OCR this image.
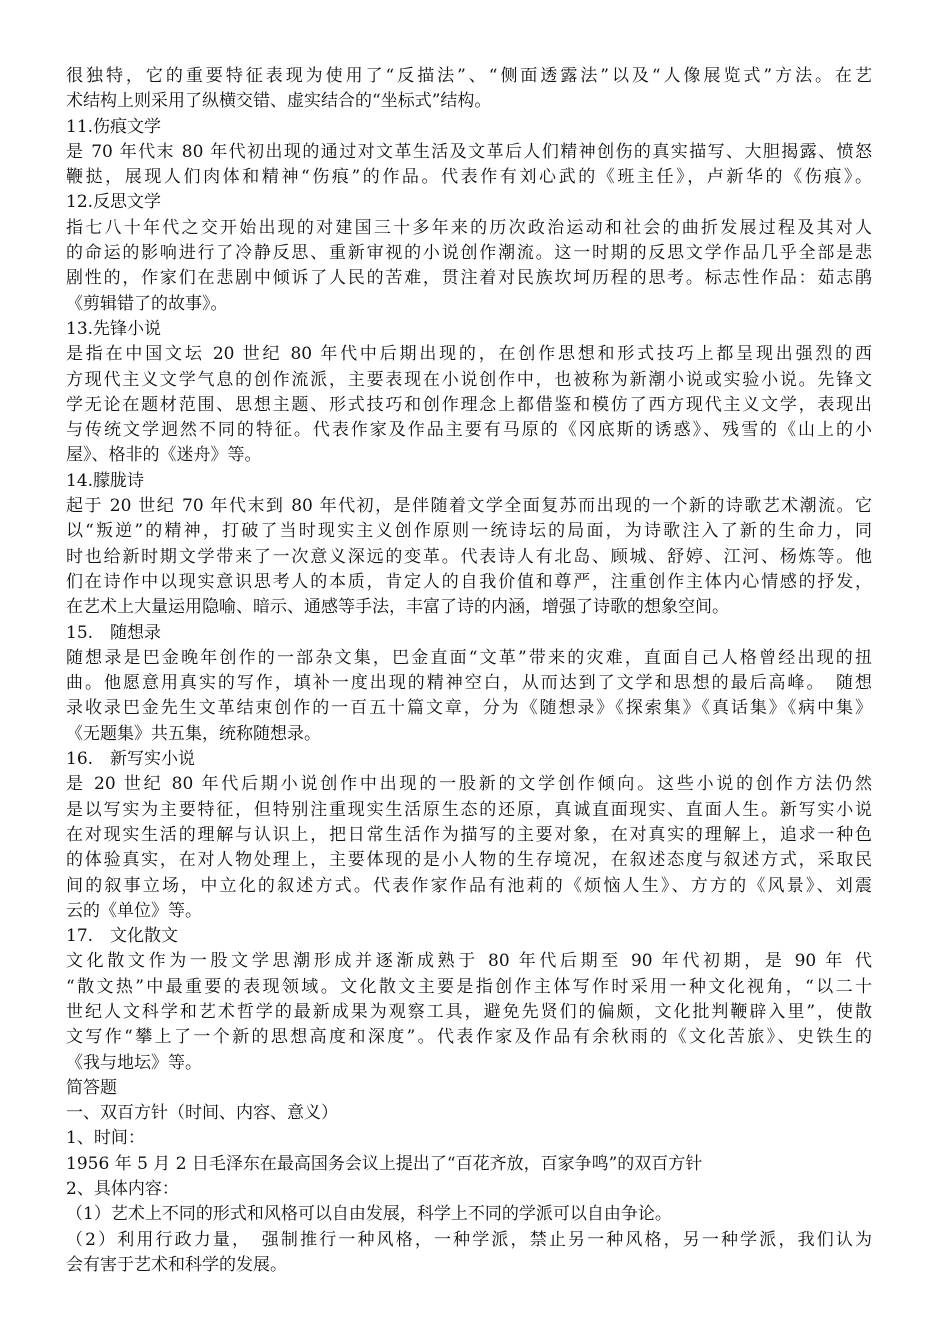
很独特，它的重要特征表现为使用了“反描法”、“侧面透露法”以及“人像展览式”方法。在艺
术结构上则采用了纵横交错、虚实结合的“坐标式”结构。
11.伤痕文学
是 70 年代末 80 年代初出现的通过对文革生活及文革后人们精神创伤的真实描写、大胆揭露、愤怒
鞭挞，展现人们肉体和精神“伤痕”的作品。代表作有刘心武的《班主任》，卢新华的《伤痕》。
12.反思文学
指七八十年代之交开始出现的对建国三十多年来的历次政治运动和社会的曲折发展过程及其对人
的命运的影响进行了冷静反思、重新审视的小说创作潮流。这一时期的反思文学作品几乎全部是悲
剧性的，作家们在悲剧中倾诉了人民的苦难，贯注着对民族坎坷历程的思考。标志性作品：茹志鹃
《剪辑错了的故事》。
13.先锋小说
是指在中国文坛 20 世纪 80 年代中后期出现的，在创作思想和形式技巧上都呈现出强烈的西
方现代主义文学气息的创作流派，主要表现在小说创作中，也被称为新潮小说或实验小说。先锋文
学无论在题材范围、思想主题、形式技巧和创作理念上都借鉴和模仿了西方现代主义文学，表现出
与传统文学迥然不同的特征。代表作家及作品主要有马原的《冈底斯的诱惑》、残雪的《山上的小
屋》、格非的《迷舟》等。
14.朦胧诗
起于 20 世纪 70 年代末到 80 年代初，是伴随着文学全面复苏而出现的一个新的诗歌艺术潮流。它
以“叛逆”的精神，打破了当时现实主义创作原则一统诗坛的局面，为诗歌注入了新的生命力，同
时也给新时期文学带来了一次意义深远的变革。代表诗人有北岛、顾城、舒婷、江河、杨炼等。他
们在诗作中以现实意识思考人的本质，肯定人的自我价值和尊严，注重创作主体内心情感的抒发，
在艺术上大量运用隐喻、暗示、通感等手法，丰富了诗的内涵，增强了诗歌的想象空间。
15.　随想录
随想录是巴金晚年创作的一部杂文集，巴金直面“文革”带来的灾难，直面自己人格曾经出现的扭
曲。他愿意用真实的写作，填补一度出现的精神空白，从而达到了文学和思想的最后高峰。　随想
录收录巴金先生文革结束创作的一百五十篇文章，分为《随想录》《探索集》《真话集》《病中集》
《无题集》共五集，统称随想录。
16.　新写实小说
是 20 世纪 80 年代后期小说创作中出现的一股新的文学创作倾向。这些小说的创作方法仍然
是以写实为主要特征，但特别注重现实生活原生态的还原，真诚直面现实、直面人生。新写实小说
在对现实生活的理解与认识上，把日常生活作为描写的主要对象，在对真实的理解上，追求一种色
的体验真实，在对人物处理上，主要体现的是小人物的生存境况，在叙述态度与叙述方式，采取民
间的叙事立场，中立化的叙述方式。代表作家作品有池莉的《烦恼人生》、方方的《风景》、刘震
云的《单位》等。
17.　文化散文
文化散文作为一股文学思潮形成并逐渐成熟于 80 年代后期至 90 年代初期，是 90 年 代
“散文热”中最重要的表现领域。文化散文主要是指创作主体写作时采用一种文化视角，“以二十
世纪人文科学和艺术哲学的最新成果为观察工具，避免先贤们的偏颇，文化批判鞭辟入里”，使散
文写作“攀上了一个新的思想高度和深度”。代表作家及作品有余秋雨的《文化苦旅》、史铁生的
《我与地坛》等。
简答题
一、双百方针（时间、内容、意义）
1、时间：
1956 年 5 月 2 日毛泽东在最高国务会议上提出了“百花齐放，百家争鸣”的双百方针
2、具体内容：
（1）艺术上不同的形式和风格可以自由发展，科学上不同的学派可以自由争论。
（2）利用行政力量，　强制推行一种风格，一种学派，禁止另一种风格，另一种学派，我们认为
会有害于艺术和科学的发展。
